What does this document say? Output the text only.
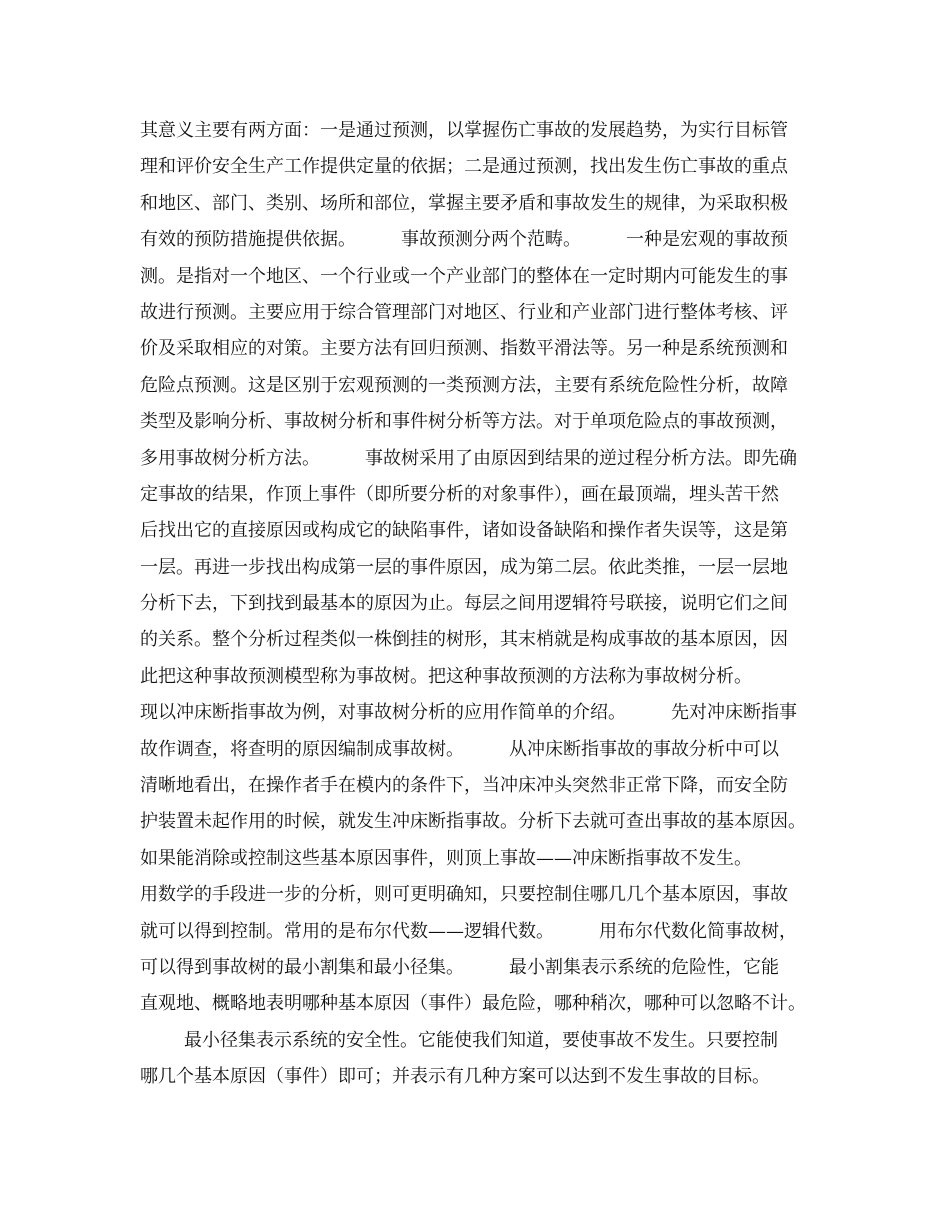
其意义主要有两方面：一是通过预测，以掌握伤亡事故的发展趋势，为实行目标管
理和评价安全生产工作提供定量的依据；二是通过预测，找出发生伤亡事故的重点
和地区、部门、类别、场所和部位，掌握主要矛盾和事故发生的规律，为采取积极
有效的预防措施提供依据。　　　事故预测分两个范畴。　　　一种是宏观的事故预
测。是指对一个地区、一个行业或一个产业部门的整体在一定时期内可能发生的事
故进行预测。主要应用于综合管理部门对地区、行业和产业部门进行整体考核、评
价及采取相应的对策。主要方法有回归预测、指数平滑法等。另一种是系统预测和
危险点预测。这是区别于宏观预测的一类预测方法，主要有系统危险性分析，故障
类型及影响分析、事故树分析和事件树分析等方法。对于单项危险点的事故预测，
多用事故树分析方法。　　　事故树采用了由原因到结果的逆过程分析方法。即先确
定事故的结果，作顶上事件（即所要分析的对象事件），画在最顶端，埋头苦干然
后找出它的直接原因或构成它的缺陷事件，诸如设备缺陷和操作者失误等，这是第
一层。再进一步找出构成第一层的事件原因，成为第二层。依此类推，一层一层地
分析下去，下到找到最基本的原因为止。每层之间用逻辑符号联接，说明它们之间
的关系。整个分析过程类似一株倒挂的树形，其末梢就是构成事故的基本原因，因
此把这种事故预测模型称为事故树。把这种事故预测的方法称为事故树分析。
现以冲床断指事故为例，对事故树分析的应用作简单的介绍。　　　先对冲床断指事
故作调查，将查明的原因编制成事故树。　　　从冲床断指事故的事故分析中可以
清晰地看出，在操作者手在模内的条件下，当冲床冲头突然非正常下降，而安全防
护装置未起作用的时候，就发生冲床断指事故。分析下去就可查出事故的基本原因。
如果能消除或控制这些基本原因事件，则顶上事故——冲床断指事故不发生。
用数学的手段进一步的分析，则可更明确知，只要控制住哪几几个基本原因，事故
就可以得到控制。常用的是布尔代数——逻辑代数。　　　用布尔代数化简事故树，
可以得到事故树的最小割集和最小径集。　　　最小割集表示系统的危险性，它能
直观地、概略地表明哪种基本原因（事件）最危险，哪种稍次，哪种可以忽略不计。
最小径集表示系统的安全性。它能使我们知道，要使事故不发生。只要控制
哪几个基本原因（事件）即可；并表示有几种方案可以达到不发生事故的目标。
